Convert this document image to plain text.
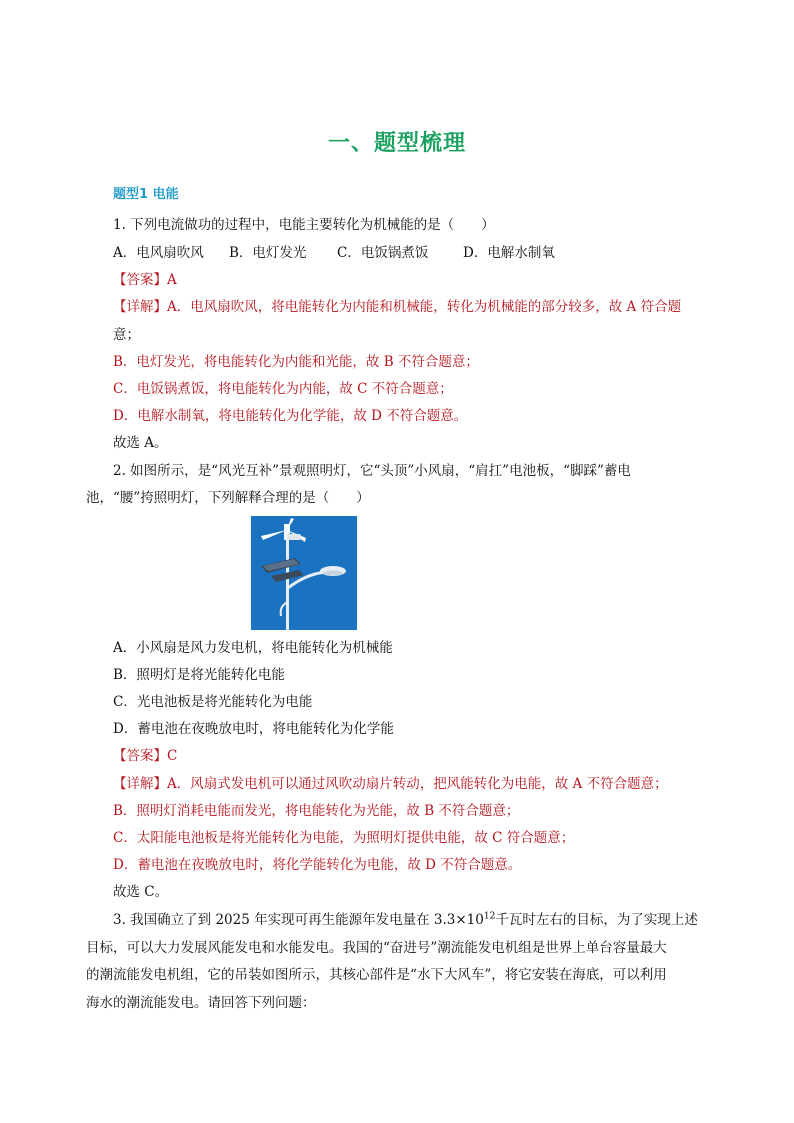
一、题型梳理
题型1 电能
1. 下列电流做功的过程中，电能主要转化为机械能的是（　　）
A．电风扇吹风 B．电灯发光 C．电饭锅煮饭	D．电解水制氧
【答案】A
【详解】A．电风扇吹风，将电能转化为内能和机械能，转化为机械能的部分较多，故 A 符合题
意；
B．电灯发光，将电能转化为内能和光能，故 B 不符合题意；
C．电饭锅煮饭，将电能转化为内能，故 C 不符合题意；
D．电解水制氧，将电能转化为化学能，故 D 不符合题意。
故选 A。
2. 如图所示，是“风光互补”景观照明灯，它“头顶”小风扇，“肩扛”电池板，“脚踩”蓄电
池，“腰”挎照明灯，下列解释合理的是（　　）
A．小风扇是风力发电机，将电能转化为机械能
B．照明灯是将光能转化电能
C．光电池板是将光能转化为电能
D．蓄电池在夜晚放电时，将电能转化为化学能
【答案】C
【详解】A．风扇式发电机可以通过风吹动扇片转动，把风能转化为电能，故 A 不符合题意；
B．照明灯消耗电能而发光，将电能转化为光能，故 B 不符合题意；
C．太阳能电池板是将光能转化为电能，为照明灯提供电能，故 C 符合题意；
D．蓄电池在夜晚放电时，将化学能转化为电能，故 D 不符合题意。
故选 C。
3. 我国确立了到 2025 年实现可再生能源年发电量在 $3.3\times 10^{12}$千瓦时左右的目标，为了实现上述
目标，可以大力发展风能发电和水能发电。我国的“奋进号”潮流能发电机组是世界上单台容量最大
的潮流能发电机组，它的吊装如图所示，其核心部件是“水下大风车”，将它安装在海底，可以利用
海水的潮流能发电。请回答下列问题：
